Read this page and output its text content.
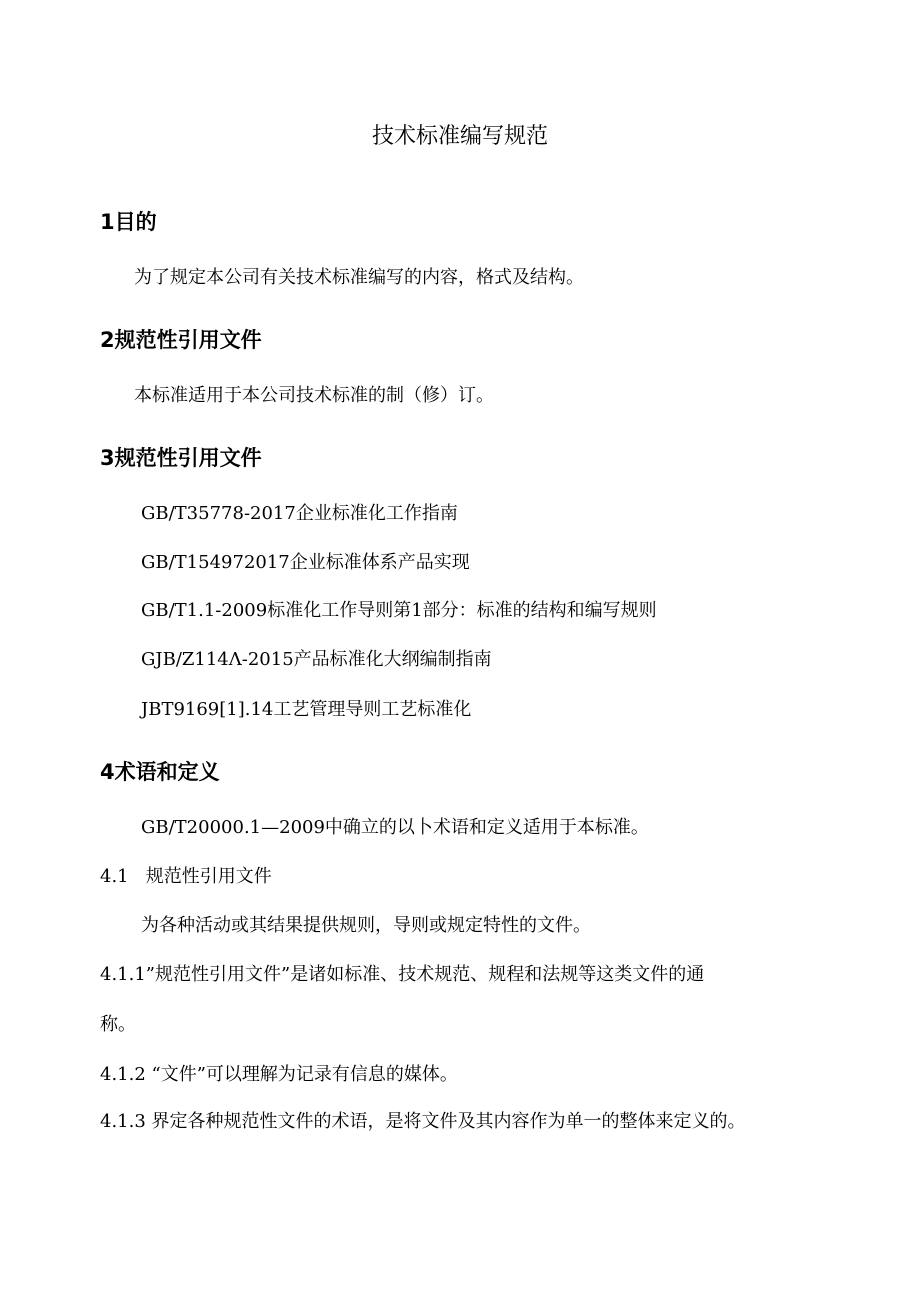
技术标准编写规范
1目的
为了规定本公司有关技术标准编写的内容，格式及结构。
2规范性引用文件
本标准适用于本公司技术标准的制（修）订。
3规范性引用文件
GB/T35778-2017企业标准化工作指南
GB/T154972017企业标准体系产品实现
GB/T1.1-2009标准化工作导则第1部分：标准的结构和编写规则
GJB/Z114Λ-2015产品标准化大纲编制指南
JBT9169[1].14工艺管理导则工艺标准化
4术语和定义
GB/T20000.1—2009中确立的以卜术语和定义适用于本标准。
4.1   规范性引用文件
为各种活动或其结果提供规则，导则或规定特性的文件。
4.1.1”规范性引用文件”是诸如标准、技术规范、规程和法规等这类文件的通
称。
4.1.2 “文件”可以理解为记录有信息的媒体。
4.1.3 界定各种规范性文件的术语，是将文件及其内容作为单一的整体来定义的。
